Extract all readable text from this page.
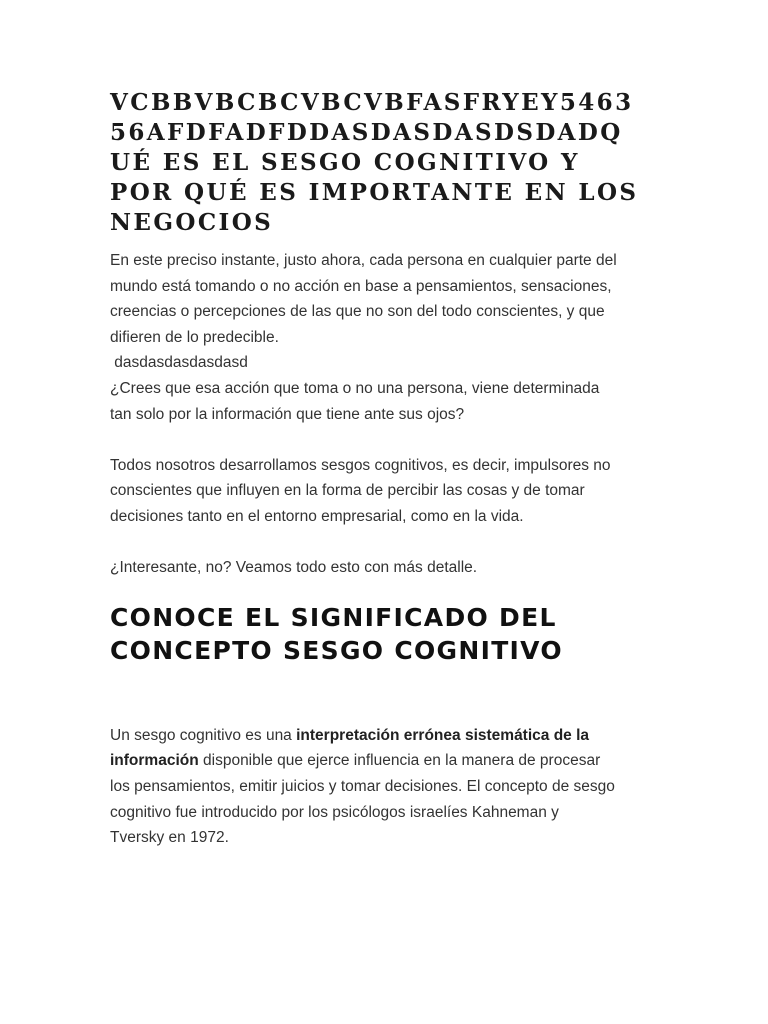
VCBBVBCBCVBCVBFASFRYEY5463
56AFDFADFDDASDASDASDSDADQ
UÉ ES EL SESGO COGNITIVO Y
POR QUÉ ES IMPORTANTE EN LOS
NEGOCIOS

En este preciso instante, justo ahora, cada persona en cualquier parte del
mundo está tomando o no acción en base a pensamientos, sensaciones,
creencias o percepciones de las que no son del todo conscientes, y que
difieren de lo predecible.
dasdasdasdasdasd
¿Crees que esa acción que toma o no una persona, viene determinada
tan solo por la información que tiene ante sus ojos?

Todos nosotros desarrollamos sesgos cognitivos, es decir, impulsores no
conscientes que influyen en la forma de percibir las cosas y de tomar
decisiones tanto en el entorno empresarial, como en la vida.

¿Interesante, no? Veamos todo esto con más detalle.

CONOCE EL SIGNIFICADO DEL
CONCEPTO SESGO COGNITIVO

Un sesgo cognitivo es una interpretación errónea sistemática de la
información disponible que ejerce influencia en la manera de procesar
los pensamientos, emitir juicios y tomar decisiones. El concepto de sesgo
cognitivo fue introducido por los psicólogos israelíes Kahneman y
Tversky en 1972.
